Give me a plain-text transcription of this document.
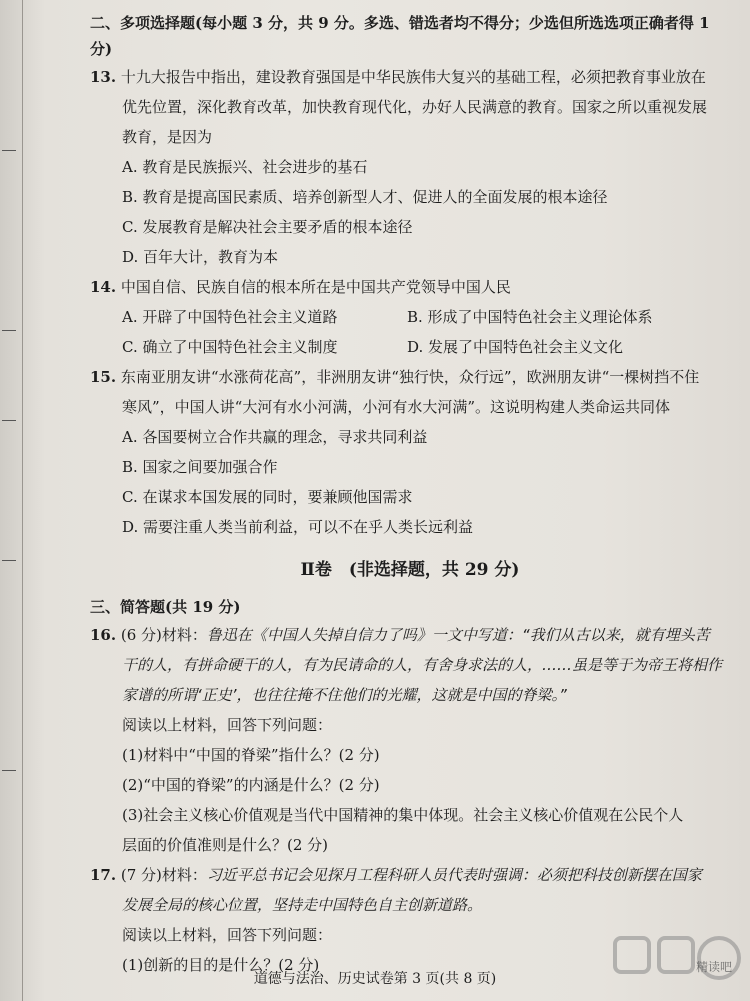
二、多项选择题(每小题 3 分，共 9 分。多选、错选者均不得分；少选但所选选项正确者得 1 分)

13. 十九大报告中指出，建设教育强国是中华民族伟大复兴的基础工程，必须把教育事业放在

优先位置，深化教育改革，加快教育现代化，办好人民满意的教育。国家之所以重视发展

教育，是因为

A. 教育是民族振兴、社会进步的基石

B. 教育是提高国民素质、培养创新型人才、促进人的全面发展的根本途径

C. 发展教育是解决社会主要矛盾的根本途径

D. 百年大计，教育为本

14. 中国自信、民族自信的根本所在是中国共产党领导中国人民

A. 开辟了中国特色社会主义道路	B. 形成了中国特色社会主义理论体系
C. 确立了中国特色社会主义制度	D. 发展了中国特色社会主义文化

15. 东南亚朋友讲“水涨荷花高”，非洲朋友讲“独行快，众行远”，欧洲朋友讲“一棵树挡不住

寒风”，中国人讲“大河有水小河满，小河有水大河满”。这说明构建人类命运共同体

A. 各国要树立合作共赢的理念，寻求共同利益

B. 国家之间要加强合作

C. 在谋求本国发展的同时，要兼顾他国需求

D. 需要注重人类当前利益，可以不在乎人类长远利益

Ⅱ卷　(非选择题，共 29 分)

三、简答题(共 19 分)

16. (6 分)材料：鲁迅在《中国人失掉自信力了吗》一文中写道：“我们从古以来，就有埋头苦

干的人，有拼命硬干的人，有为民请命的人，有舍身求法的人，……虽是等于为帝王将相作

家谱的所谓‘正史’，也往往掩不住他们的光耀，这就是中国的脊梁。”

阅读以上材料，回答下列问题：

(1)材料中“中国的脊梁”指什么？(2 分)

(2)“中国的脊梁”的内涵是什么？(2 分)

(3)社会主义核心价值观是当代中国精神的集中体现。社会主义核心价值观在公民个人

层面的价值准则是什么？(2 分)

17. (7 分)材料：习近平总书记会见探月工程科研人员代表时强调：必须把科技创新摆在国家

发展全局的核心位置，坚持走中国特色自主创新道路。

阅读以上材料，回答下列问题：

(1)创新的目的是什么？(2 分)

道德与法治、历史试卷第 3 页(共 8 页)
精读吧
